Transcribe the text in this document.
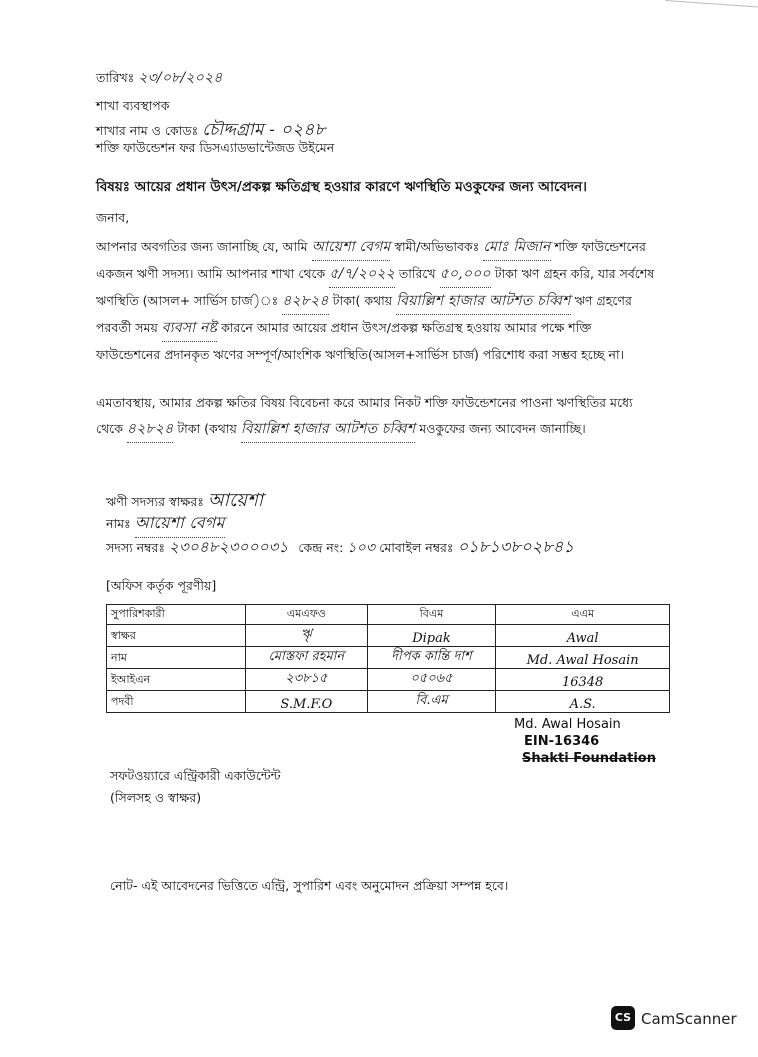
তারিখঃ ২৩/০৮/২০২৪
শাখা ব্যবস্থাপক
শাখার নাম ও কোডঃ চৌদ্দগ্রাম - ০২৪৮
শক্তি ফাউন্ডেশন ফর ডিসএ্যাডভান্টেজড উইমেন
বিষয়ঃ আয়ের প্রধান উৎস/প্রকল্প ক্ষতিগ্রস্থ হওয়ার কারণে ঋণস্থিতি মওকুফের জন্য আবেদন।
জনাব,

আপনার অবগতির জন্য জানাচ্ছি যে, আমি আয়েশা বেগম স্বামী/অভিভাবকঃ মোঃ মিজান শক্তি ফাউন্ডেশনের একজন ঋণী সদস্য। আমি আপনার শাখা থেকে ৫/৭/২০২২ তারিখে ৫০,০০০ টাকা ঋণ গ্রহন করি, যার সর্বশেষ ঋণস্থিতি (আসল+ সার্ভিস চার্জ)ঃ ৪২৮২৪ টাকা( কথায় বিয়াল্লিশ হাজার আটশত চব্বিশ ঋণ গ্রহণের পরবর্তী সময় ব্যবসা নষ্ট কারনে আমার আয়ের প্রধান উৎস/প্রকল্প ক্ষতিগ্রস্থ হওয়ায় আমার পক্ষে শক্তি ফাউন্ডেশনের প্রদানকৃত ঋণের সম্পূর্ণ/আংশিক ঋণস্থিতি(আসল+সার্ভিস চার্জ) পরিশোধ করা সম্ভব হচ্ছে না।

এমতাবস্থায়, আমার প্রকল্প ক্ষতির বিষয় বিবেচনা করে আমার নিকট শক্তি ফাউন্ডেশনের পাওনা ঋণস্থিতির মধ্যে থেকে ৪২৮২৪ টাকা (কথায় বিয়াল্লিশ হাজার আটশত চব্বিশ মওকুফের জন্য আবেদন জানাচ্ছি।

ঋণী সদস্যর স্বাক্ষরঃ আয়েশা
নামঃ আয়েশা বেগম
সদস্য নম্বরঃ ২৩০৪৮২৩০০০৩১ কেন্দ্র নং: ১০৩ মোবাইল নম্বরঃ ০১৮১৩৮০২৮৪১
[অফিস কর্তৃক পূরণীয়]
সুপারিশকারী	এমএফও	বিএম	এএম
স্বাক্ষর	ৠ	Dipak	Awal
নাম	মোস্তফা রহমান	দীপক কান্তি দাশ	Md. Awal Hosain
ইআইএন	২৩৮১৫	০৫০৬৫	16348
পদবী	S.M.F.O	বি.এম	A.S.
Md. Awal Hosain
EIN-16346
Shakti Foundation
সফটওয়্যারে এন্ট্রিকারী একাউন্টেন্ট
(সিলসহ ও স্বাক্ষর)
নোট- এই আবেদনের ভিত্তিতে এন্ট্রি, সুপারিশ এবং অনুমোদন প্রক্রিয়া সম্পন্ন হবে।
CS CamScanner
